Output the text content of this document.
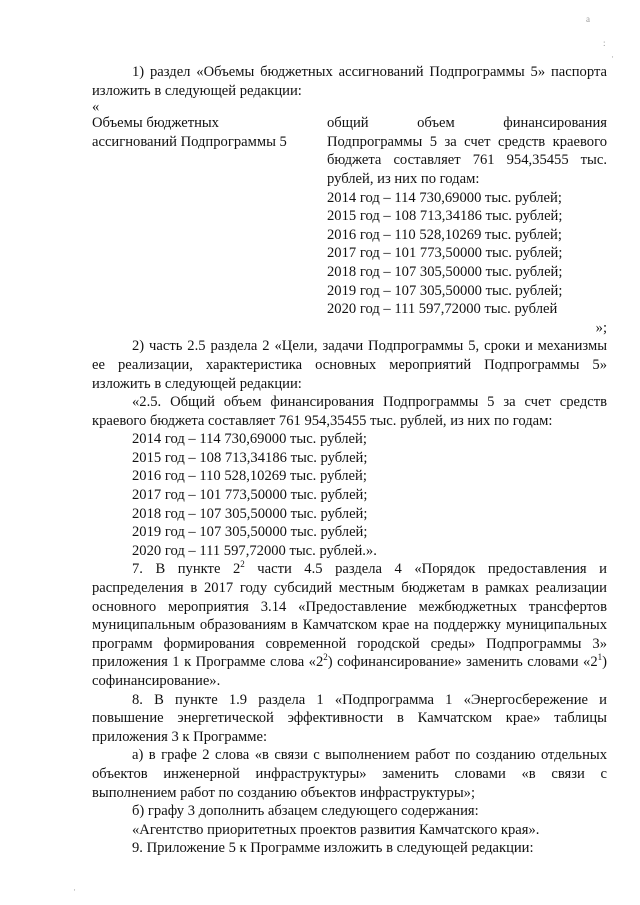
а
:
·
·
1) раздел «Объемы бюджетных ассигнований Подпрограммы 5» паспорта изложить в следующей редакции:
«
Объемы бюджетных
ассигнований Подпрограммы 5
общий объем финансирования Подпрограммы 5 за счет средств краевого бюджета составляет 761 954,35455 тыс. рублей, из них по годам:
2014 год – 114 730,69000 тыс. рублей;
2015 год – 108 713,34186 тыс. рублей;
2016 год – 110 528,10269 тыс. рублей;
2017 год – 101 773,50000 тыс. рублей;
2018 год – 107 305,50000 тыс. рублей;
2019 год – 107 305,50000 тыс. рублей;
2020 год – 111 597,72000 тыс. рублей
»;
2) часть 2.5 раздела 2 «Цели, задачи Подпрограммы 5, сроки и механизмы ее реализации, характеристика основных мероприятий Подпрограммы 5» изложить в следующей редакции:
«2.5. Общий объем финансирования Подпрограммы 5 за счет средств краевого бюджета составляет 761 954,35455 тыс. рублей, из них по годам:
2014 год – 114 730,69000 тыс. рублей;
2015 год – 108 713,34186 тыс. рублей;
2016 год – 110 528,10269 тыс. рублей;
2017 год – 101 773,50000 тыс. рублей;
2018 год – 107 305,50000 тыс. рублей;
2019 год – 107 305,50000 тыс. рублей;
2020 год – 111 597,72000 тыс. рублей.».
7. В пункте $2^2$ части 4.5 раздела 4 «Порядок предоставления и распределения в 2017 году субсидий местным бюджетам в рамках реализации основного мероприятия 3.14 «Предоставление межбюджетных трансфертов муниципальным образованиям в Камчатском крае на поддержку муниципальных программ формирования современной городской среды» Подпрограммы 3» приложения 1 к Программе слова «$2^2$) софинансирование» заменить словами «$2^1$) софинансирование».
8. В пункте 1.9 раздела 1 «Подпрограмма 1 «Энергосбережение и повышение энергетической эффективности в Камчатском крае» таблицы приложения 3 к Программе:
а) в графе 2 слова «в связи с выполнением работ по созданию отдельных объектов инженерной инфраструктуры» заменить словами «в связи с выполнением работ по созданию объектов инфраструктуры»;
б) графу 3 дополнить абзацем следующего содержания:
«Агентство приоритетных проектов развития Камчатского края».
9. Приложение 5 к Программе изложить в следующей редакции:
